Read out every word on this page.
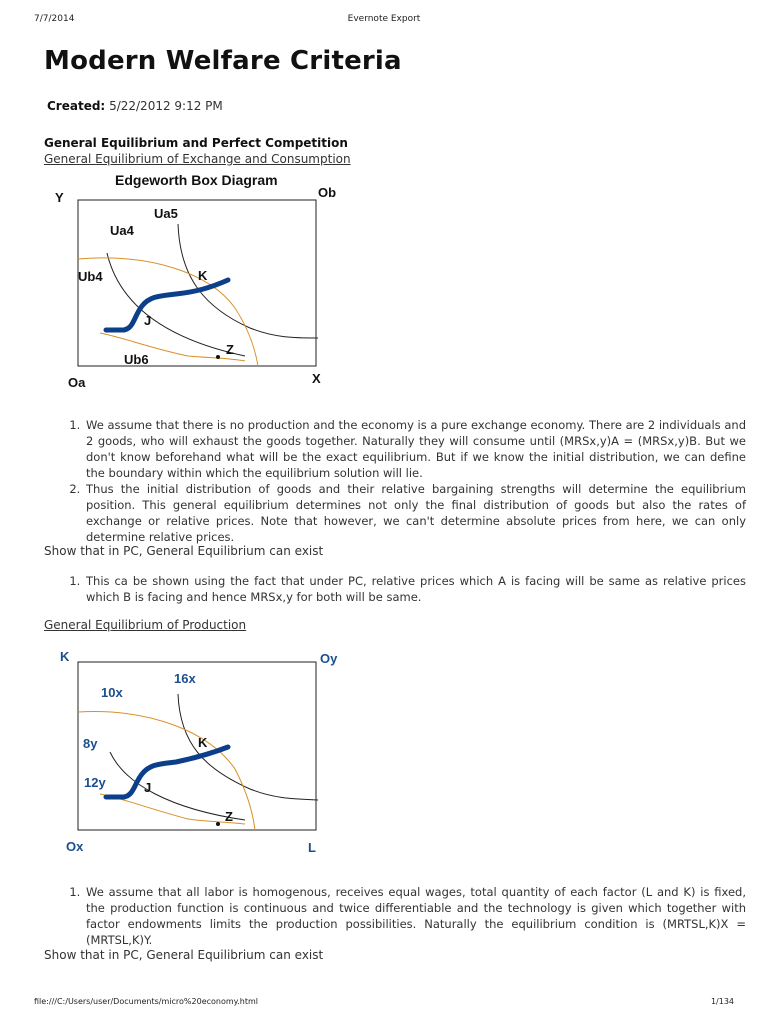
7/7/2014	Evernote Export
file:///C:/Users/user/Documents/micro%20economy.html	1/134
Modern Welfare Criteria
Created: 5/22/2012 9:12 PM
General Equilibrium and Perfect Competition
General Equilibrium of Exchange and Consumption
Edgeworth Box Diagram
Y	Ob
Oa	X
Ua5
Ua4
Ub4
Ub6
K
J
Z
1. We assume that there is no production and the economy is a pure exchange economy. There are 2 individuals and 2 goods, who will exhaust the goods together. Naturally they will consume until (MRSx,y)A = (MRSx,y)B. But we don't know beforehand what will be the exact equilibrium. But if we know the initial distribution, we can define the boundary within which the equilibrium solution will lie.
2. Thus the initial distribution of goods and their relative bargaining strengths will determine the equilibrium position. This general equilibrium determines not only the final distribution of goods but also the rates of exchange or relative prices. Note that however, we can't determine absolute prices from here, we can only determine relative prices.
Show that in PC, General Equilibrium can exist
1. This ca be shown using the fact that under PC, relative prices which A is facing will be same as relative prices which B is facing and hence MRSx,y for both will be same.
General Equilibrium of Production
K	Oy
Ox	L
16x
10x
8y
12y
K
J
Z
1. We assume that all labor is homogenous, receives equal wages, total quantity of each factor (L and K) is fixed, the production function is continuous and twice differentiable and the technology is given which together with factor endowments limits the production possibilities. Naturally the equilibrium condition is (MRTSL,K)X = (MRTSL,K)Y.
Show that in PC, General Equilibrium can exist
